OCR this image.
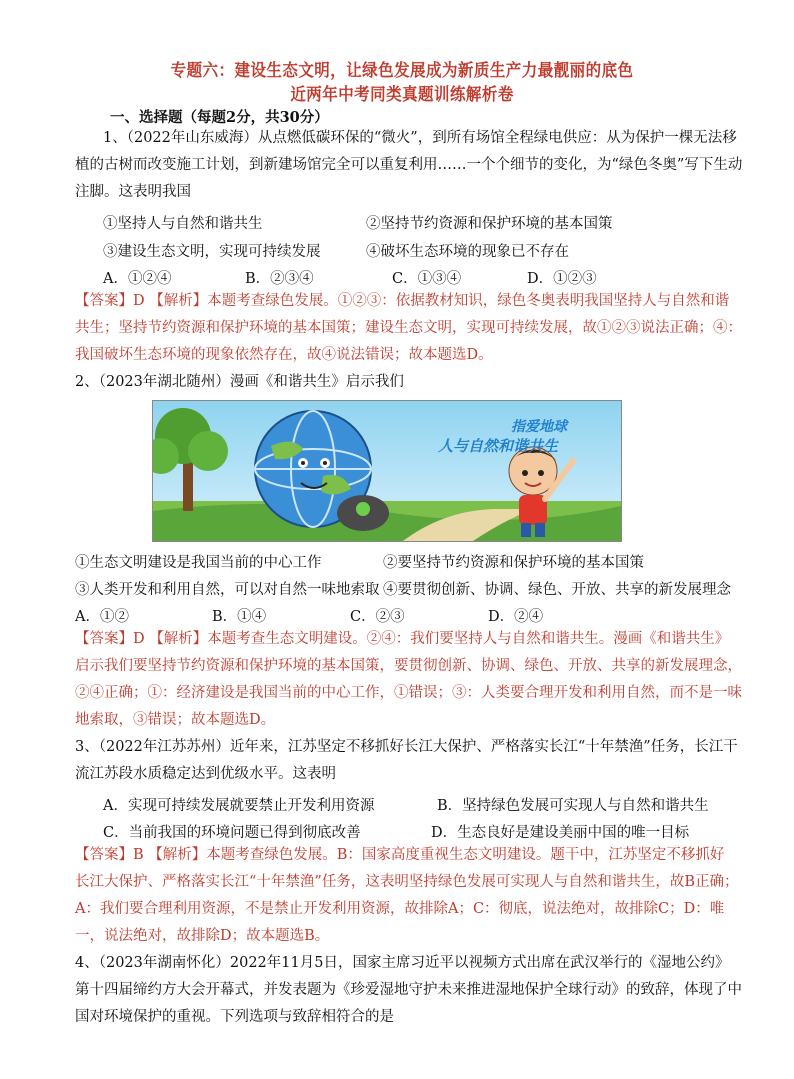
专题六：建设生态文明，让绿色发展成为新质生产力最靓丽的底色
近两年中考同类真题训练解析卷
一、选择题（每题2分，共30分）
1、（2022年山东威海）从点燃低碳环保的“微火”，到所有场馆全程绿电供应：从为保护一棵无法移
植的古树而改变施工计划，到新建场馆完全可以重复利用……一个个细节的变化，为“绿色冬奥”写下生动
注脚。这表明我国
①坚持人与自然和谐共生	②坚持节约资源和保护环境的基本国策
③建设生态文明，实现可持续发展	④破坏生态环境的现象已不存在
A．①②④	B．②③④	C．①③④	D．①②③
【答案】D 【解析】本题考查绿色发展。①②③：依据教材知识，绿色冬奥表明我国坚持人与自然和谐
共生；坚持节约资源和保护环境的基本国策；建设生态文明，实现可持续发展，故①②③说法正确；④：
我国破坏生态环境的现象依然存在，故④说法错误；故本题选D。
2、（2023年湖北随州）漫画《和谐共生》启示我们
指爱地球
人与自然和谐共生
①生态文明建设是我国当前的中心工作	②要坚持节约资源和保护环境的基本国策
③人类开发和利用自然，可以对自然一味地索取 ④要贯彻创新、协调、绿色、开放、共享的新发展理念
A．①②	B．①④	C．②③	D．②④
【答案】D 【解析】本题考查生态文明建设。②④：我们要坚持人与自然和谐共生。漫画《和谐共生》
启示我们要坚持节约资源和保护环境的基本国策，要贯彻创新、协调、绿色、开放、共享的新发展理念，
②④正确；①：经济建设是我国当前的中心工作，①错误；③：人类要合理开发和利用自然，而不是一味
地索取，③错误；故本题选D。
3、（2022年江苏苏州）近年来，江苏坚定不移抓好长江大保护、严格落实长江“十年禁渔”任务，长江干
流江苏段水质稳定达到优级水平。这表明
A．实现可持续发展就要禁止开发利用资源	B．坚持绿色发展可实现人与自然和谐共生
C．当前我国的环境问题已得到彻底改善	D．生态良好是建设美丽中国的唯一目标
【答案】B 【解析】本题考查绿色发展。B：国家高度重视生态文明建设。题干中，江苏坚定不移抓好
长江大保护、严格落实长江“十年禁渔”任务，这表明坚持绿色发展可实现人与自然和谐共生，故B正确；
A：我们要合理利用资源，不是禁止开发利用资源，故排除A；C：彻底，说法绝对，故排除C；D：唯
一，说法绝对，故排除D；故本题选B。
4、（2023年湖南怀化）2022年11月5日，国家主席习近平以视频方式出席在武汉举行的《湿地公约》
第十四届缔约方大会开幕式，并发表题为《珍爱湿地守护未来推进湿地保护全球行动》的致辞，体现了中
国对环境保护的重视。下列选项与致辞相符合的是
